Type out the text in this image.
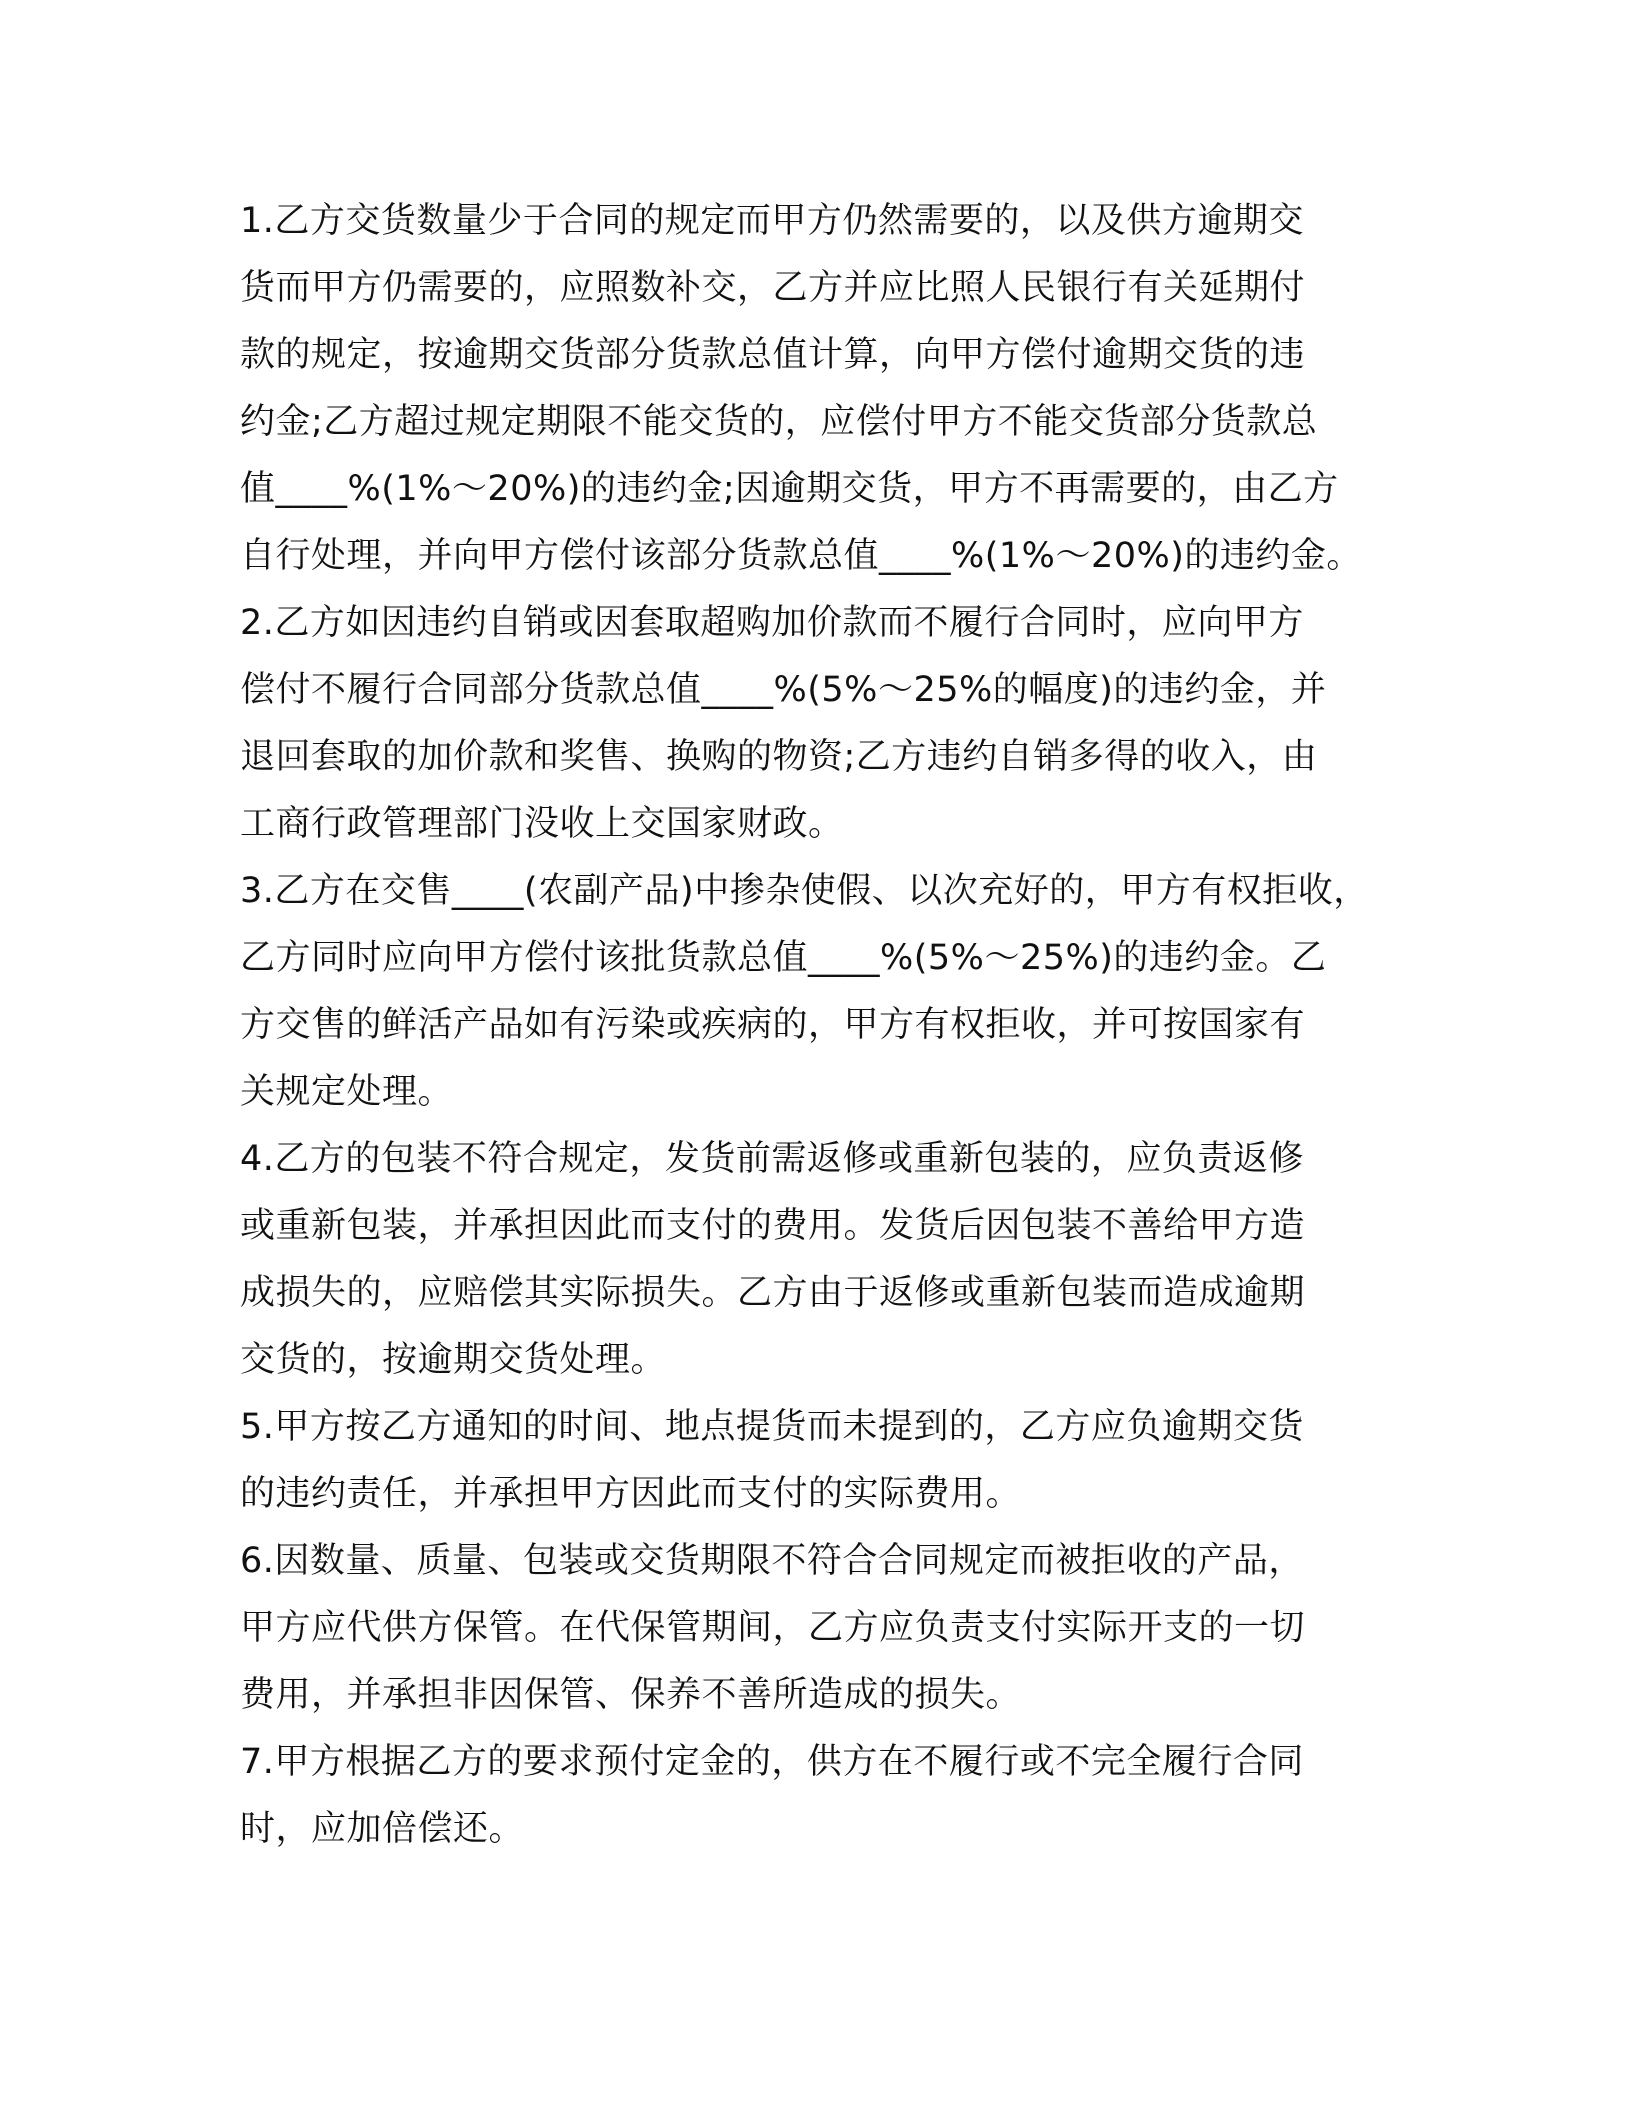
1.乙方交货数量少于合同的规定而甲方仍然需要的，以及供方逾期交
货而甲方仍需要的，应照数补交，乙方并应比照人民银行有关延期付
款的规定，按逾期交货部分货款总值计算，向甲方偿付逾期交货的违
约金;乙方超过规定期限不能交货的，应偿付甲方不能交货部分货款总
值____%(1%～20%)的违约金;因逾期交货，甲方不再需要的，由乙方
自行处理，并向甲方偿付该部分货款总值____%(1%～20%)的违约金。
2.乙方如因违约自销或因套取超购加价款而不履行合同时，应向甲方
偿付不履行合同部分货款总值____%(5%～25%的幅度)的违约金，并
退回套取的加价款和奖售、换购的物资;乙方违约自销多得的收入，由
工商行政管理部门没收上交国家财政。
3.乙方在交售____(农副产品)中掺杂使假、以次充好的，甲方有权拒收，
乙方同时应向甲方偿付该批货款总值____%(5%～25%)的违约金。乙
方交售的鲜活产品如有污染或疾病的，甲方有权拒收，并可按国家有
关规定处理。
4.乙方的包装不符合规定，发货前需返修或重新包装的，应负责返修
或重新包装，并承担因此而支付的费用。发货后因包装不善给甲方造
成损失的，应赔偿其实际损失。乙方由于返修或重新包装而造成逾期
交货的，按逾期交货处理。
5.甲方按乙方通知的时间、地点提货而未提到的，乙方应负逾期交货
的违约责任，并承担甲方因此而支付的实际费用。
6.因数量、质量、包装或交货期限不符合合同规定而被拒收的产品，
甲方应代供方保管。在代保管期间，乙方应负责支付实际开支的一切
费用，并承担非因保管、保养不善所造成的损失。
7.甲方根据乙方的要求预付定金的，供方在不履行或不完全履行合同
时，应加倍偿还。
